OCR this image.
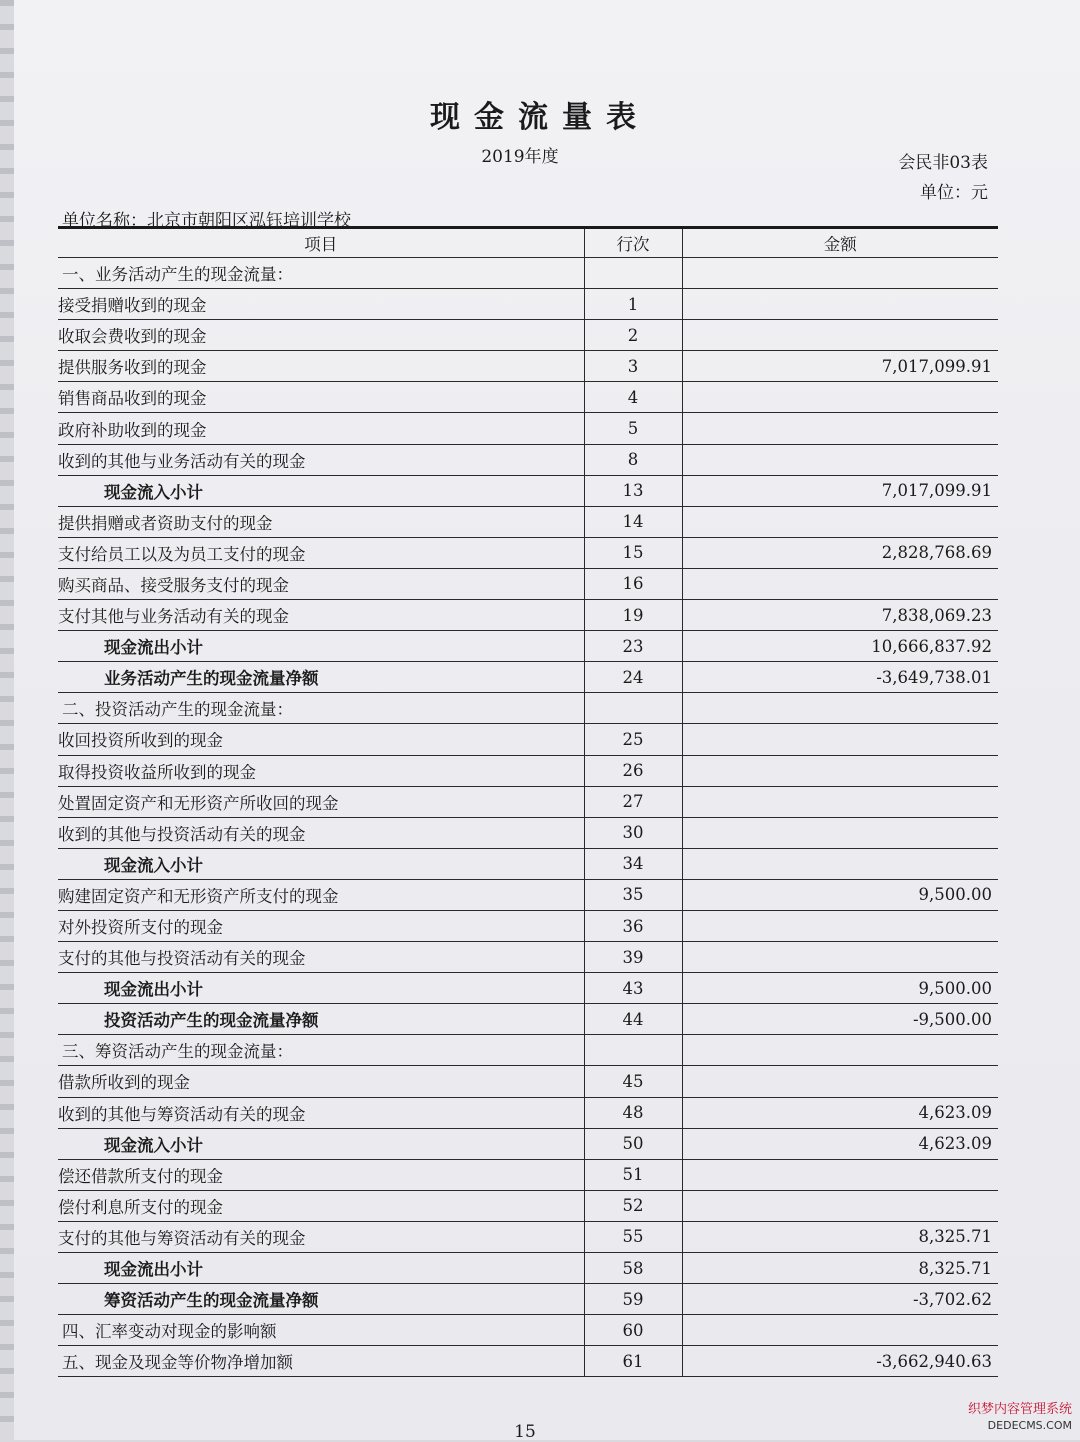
现金流量表
2019年度	会民非03表
单位：元
单位名称：北京市朝阳区泓钰培训学校
项目	行次	金额
一、业务活动产生的现金流量：		
接受捐赠收到的现金	1	
收取会费收到的现金	2	
提供服务收到的现金	3	7,017,099.91
销售商品收到的现金	4	
政府补助收到的现金	5	
收到的其他与业务活动有关的现金	8	
现金流入小计	13	7,017,099.91
提供捐赠或者资助支付的现金	14	
支付给员工以及为员工支付的现金	15	2,828,768.69
购买商品、接受服务支付的现金	16	
支付其他与业务活动有关的现金	19	7,838,069.23
现金流出小计	23	10,666,837.92
业务活动产生的现金流量净额	24	-3,649,738.01
二、投资活动产生的现金流量：		
收回投资所收到的现金	25	
取得投资收益所收到的现金	26	
处置固定资产和无形资产所收回的现金	27	
收到的其他与投资活动有关的现金	30	
现金流入小计	34	
购建固定资产和无形资产所支付的现金	35	9,500.00
对外投资所支付的现金	36	
支付的其他与投资活动有关的现金	39	
现金流出小计	43	9,500.00
投资活动产生的现金流量净额	44	-9,500.00
三、筹资活动产生的现金流量：		
借款所收到的现金	45	
收到的其他与筹资活动有关的现金	48	4,623.09
现金流入小计	50	4,623.09
偿还借款所支付的现金	51	
偿付利息所支付的现金	52	
支付的其他与筹资活动有关的现金	55	8,325.71
现金流出小计	58	8,325.71
筹资活动产生的现金流量净额	59	-3,702.62
四、汇率变动对现金的影响额	60	
五、现金及现金等价物净增加额	61	-3,662,940.63
15
织梦内容管理系统
DEDECMS.COM
